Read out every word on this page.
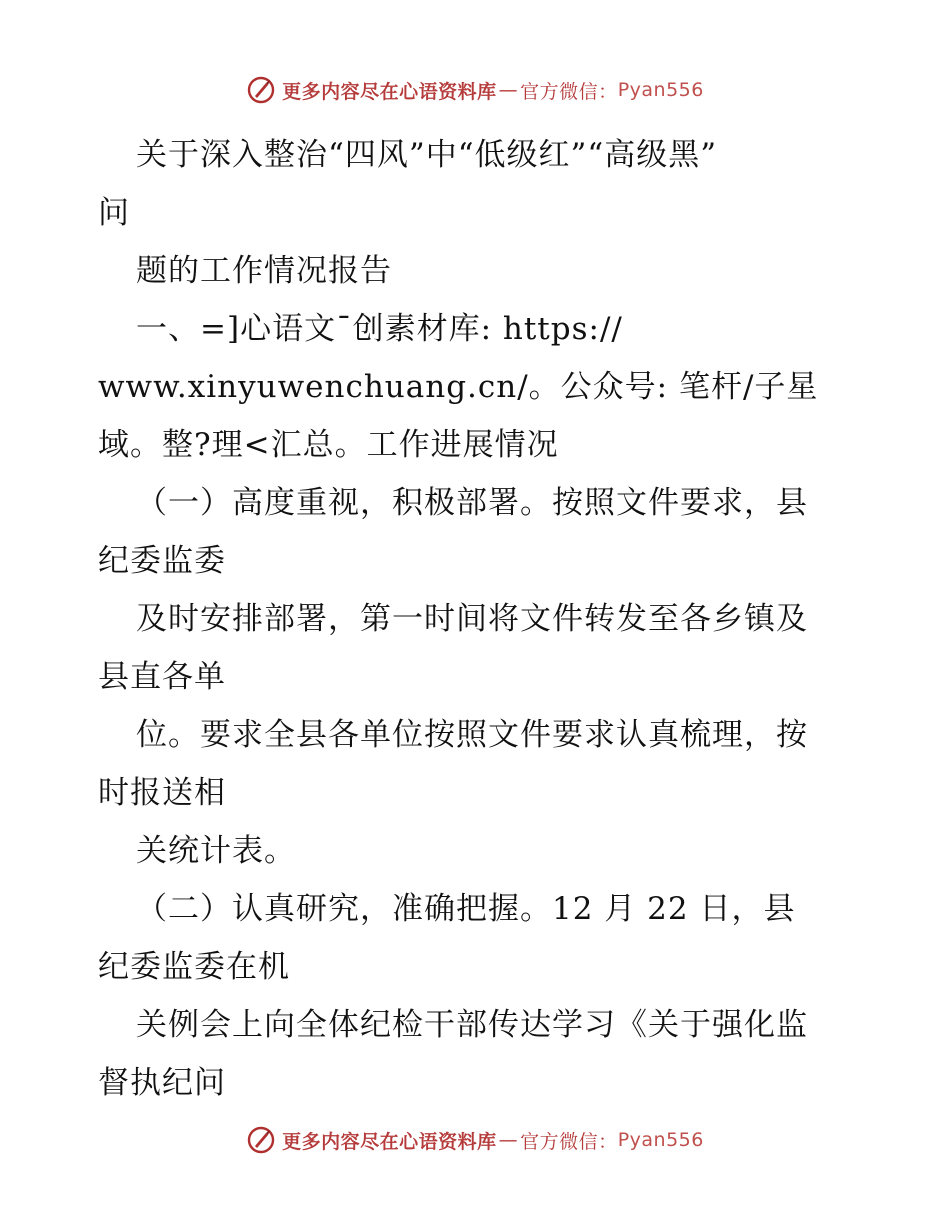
更多内容尽在心语资料库 — 官方微信： Pyan556
关于深入整治“四风”中“低级红”“高级黑”
问
题的工作情况报告
一、=]心语文¯创素材库: https://
www.xinyuwenchuang.cn/。公众号: 笔杆/子星
域。整?理<汇总。工作进展情况
（一）高度重视，积极部署。按照文件要求，县
纪委监委
及时安排部署，第一时间将文件转发至各乡镇及
县直各单
位。要求全县各单位按照文件要求认真梳理，按
时报送相
关统计表。
（二）认真研究，准确把握。12 月 22 日，县
纪委监委在机
关例会上向全体纪检干部传达学习《关于强化监
督执纪问
更多内容尽在心语资料库 — 官方微信： Pyan556
